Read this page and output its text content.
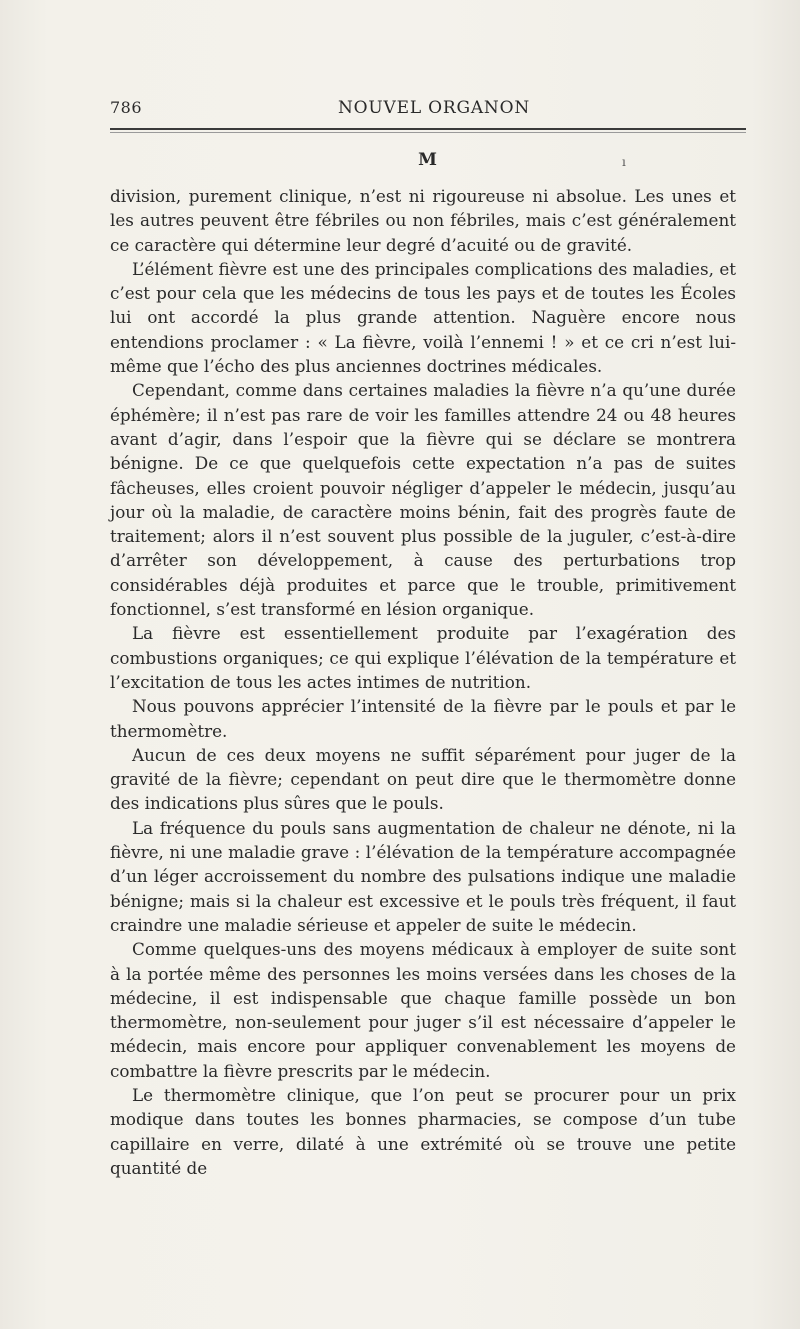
786	NOUVEL ORGANON
M	ı

division, purement clinique, n’est ni rigoureuse ni absolue. Les unes et les autres peuvent être fébriles ou non fébriles, mais c’est généralement ce caractère qui détermine leur degré d’acuité ou de gravité.

L’élément fièvre est une des principales complications des maladies, et c’est pour cela que les médecins de tous les pays et de toutes les Écoles lui ont accordé la plus grande attention. Naguère encore nous entendions proclamer : « La fièvre, voilà l’ennemi ! » et ce cri n’est lui-même que l’écho des plus anciennes doctrines médicales.

Cependant, comme dans certaines maladies la fièvre n’a qu’une durée éphémère; il n’est pas rare de voir les familles attendre 24 ou 48 heures avant d’agir, dans l’espoir que la fièvre qui se déclare se montrera bénigne. De ce que quelquefois cette expectation n’a pas de suites fâcheuses, elles croient pouvoir négliger d’appeler le médecin, jusqu’au jour où la maladie, de caractère moins bénin, fait des progrès faute de traitement; alors il n’est souvent plus possible de la juguler, c’est-à-dire d’arrêter son développement, à cause des perturbations trop considérables déjà produites et parce que le trouble, primitivement fonctionnel, s’est transformé en lésion organique.

La fièvre est essentiellement produite par l’exagération des combustions organiques; ce qui explique l’élévation de la température et l’excitation de tous les actes intimes de nutrition.

Nous pouvons apprécier l’intensité de la fièvre par le pouls et par le thermomètre.

Aucun de ces deux moyens ne suffit séparément pour juger de la gravité de la fièvre; cependant on peut dire que le thermomètre donne des indications plus sûres que le pouls.

La fréquence du pouls sans augmentation de chaleur ne dénote, ni la fièvre, ni une maladie grave : l’élévation de la température accompagnée d’un léger accroissement du nombre des pulsations indique une maladie bénigne; mais si la chaleur est excessive et le pouls très fréquent, il faut craindre une maladie sérieuse et appeler de suite le médecin.

Comme quelques-uns des moyens médicaux à employer de suite sont à la portée même des personnes les moins versées dans les choses de la médecine, il est indispensable que chaque famille possède un bon thermomètre, non-seulement pour juger s’il est nécessaire d’appeler le médecin, mais encore pour appliquer convenablement les moyens de combattre la fièvre prescrits par le médecin.

Le thermomètre clinique, que l’on peut se procurer pour un prix modique dans toutes les bonnes pharmacies, se compose d’un tube capillaire en verre, dilaté à une extrémité où se trouve une petite quantité de
